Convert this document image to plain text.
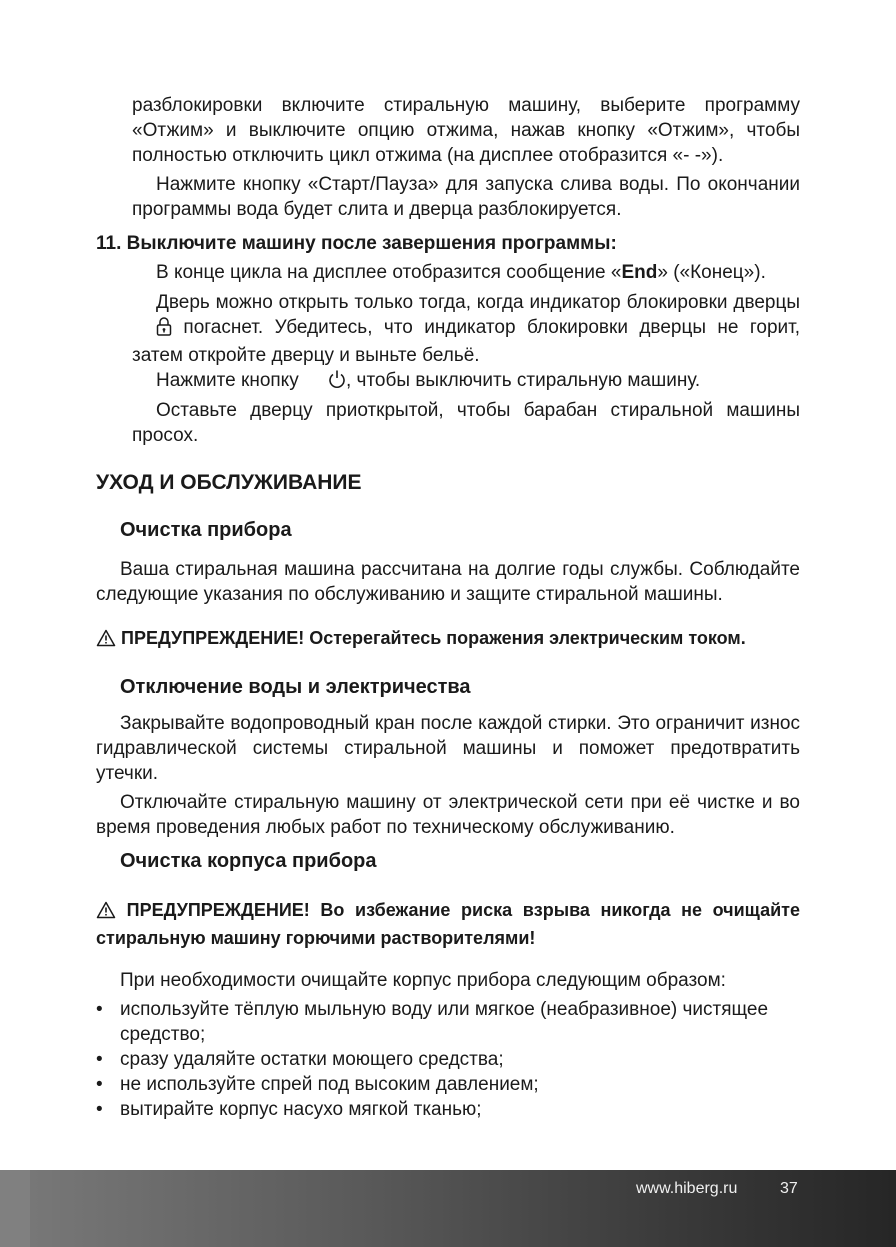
разблокировки включите стиральную машину, выберите программу «Отжим» и выключите опцию отжима, нажав кнопку «Отжим», чтобы полностью отключить цикл отжима (на дисплее отобразится «- -»).

Нажмите кнопку «Старт/Пауза» для запуска слива воды. По окончании программы вода будет слита и дверца разблокируется.

11. Выключите машину после завершения программы:

В конце цикла на дисплее отобразится сообщение «End» («Конец»).

Дверь можно открыть только тогда, когда индикатор блокировки дверцы  погаснет. Убедитесь, что индикатор блокировки дверцы не горит, затем откройте дверцу и выньте бельё.

Нажмите кнопку , чтобы выключить стиральную машину.

Оставьте дверцу приоткрытой, чтобы барабан стиральной машины просох.

УХОД И ОБСЛУЖИВАНИЕ
Очистка прибора

Ваша стиральная машина рассчитана на долгие годы службы. Соблюдайте следующие указания по обслуживанию и защите стиральной машины.

ПРЕДУПРЕЖДЕНИЕ! Остерегайтесь поражения электрическим током.
Отключение воды и электричества

Закрывайте водопроводный кран после каждой стирки. Это ограничит износ гидравлической системы стиральной машины и поможет предотвратить утечки.

Отключайте стиральную машину от электрической сети при её чистке и во время проведения любых работ по техническому обслуживанию.

Очистка корпуса прибора
ПРЕДУПРЕЖДЕНИЕ! Во избежание риска взрыва никогда не очищайте стиральную машину горючими растворителями!

При необходимости очищайте корпус прибора следующим образом:

• используйте тёплую мыльную воду или мягкое (неабразивное) чистящее средство;
• сразу удаляйте остатки моющего средства;
• не используйте спрей под высоким давлением;
• вытирайте корпус насухо мягкой тканью;
www.hiberg.ru	37
